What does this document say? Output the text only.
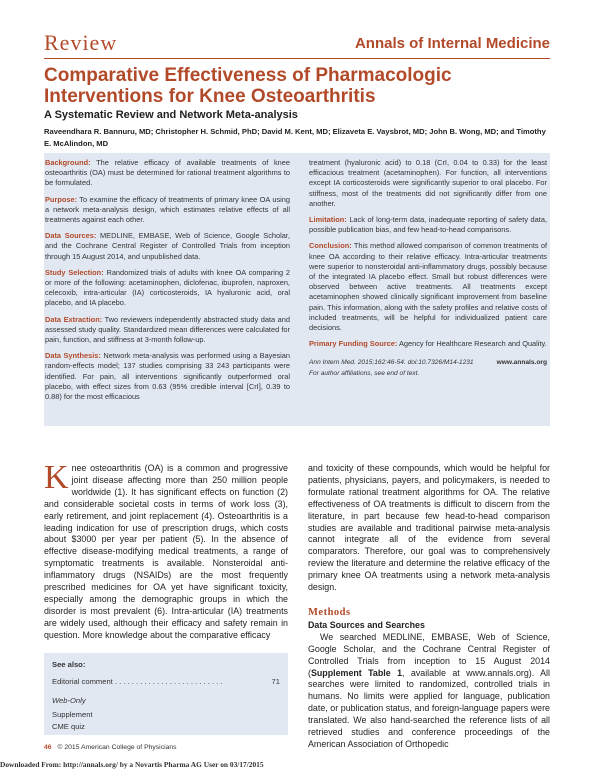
Review	Annals of Internal Medicine
Comparative Effectiveness of Pharmacologic Interventions for Knee Osteoarthritis
A Systematic Review and Network Meta-analysis

Raveendhara R. Bannuru, MD; Christopher H. Schmid, PhD; David M. Kent, MD; Elizaveta E. Vaysbrot, MD; John B. Wong, MD; and Timothy E. McAlindon, MD

Background: The relative efficacy of available treatments of knee osteoarthritis (OA) must be determined for rational treatment algorithms to be formulated.

Purpose: To examine the efficacy of treatments of primary knee OA using a network meta-analysis design, which estimates relative effects of all treatments against each other.

Data Sources: MEDLINE, EMBASE, Web of Science, Google Scholar, and the Cochrane Central Register of Controlled Trials from inception through 15 August 2014, and unpublished data.

Study Selection: Randomized trials of adults with knee OA comparing 2 or more of the following: acetaminophen, diclofenac, ibuprofen, naproxen, celecoxib, intra-articular (IA) corticosteroids, IA hyaluronic acid, oral placebo, and IA placebo.

Data Extraction: Two reviewers independently abstracted study data and assessed study quality. Standardized mean differences were calculated for pain, function, and stiffness at 3-month follow-up.

Data Synthesis: Network meta-analysis was performed using a Bayesian random-effects model; 137 studies comprising 33 243 participants were identified. For pain, all interventions significantly outperformed oral placebo, with effect sizes from 0.63 (95% credible interval [CrI], 0.39 to 0.88) for the most efficacious

treatment (hyaluronic acid) to 0.18 (CrI, 0.04 to 0.33) for the least efficacious treatment (acetaminophen). For function, all interventions except IA corticosteroids were significantly superior to oral placebo. For stiffness, most of the treatments did not significantly differ from one another.

Limitation: Lack of long-term data, inadequate reporting of safety data, possible publication bias, and few head-to-head comparisons.

Conclusion: This method allowed comparison of common treatments of knee OA according to their relative efficacy. Intra-articular treatments were superior to nonsteroidal anti-inflammatory drugs, possibly because of the integrated IA placebo effect. Small but robust differences were observed between active treatments. All treatments except acetaminophen showed clinically significant improvement from baseline pain. This information, along with the safety profiles and relative costs of included treatments, will be helpful for individualized patient care decisions.

Primary Funding Source: Agency for Healthcare Research and Quality.

Ann Intern Med. 2015;162:46-54. doi:10.7326/M14-1231	www.annals.org

For author affiliations, see end of text.

Knee osteoarthritis (OA) is a common and progressive joint disease affecting more than 250 million people worldwide (1). It has significant effects on function (2) and considerable societal costs in terms of work loss (3), early retirement, and joint replacement (4). Osteoarthritis is a leading indication for use of prescription drugs, which costs about $3000 per year per patient (5). In the absence of effective disease-modifying medical treatments, a range of symptomatic treatments is available. Nonsteroidal anti-inflammatory drugs (NSAIDs) are the most frequently prescribed medicines for OA yet have significant toxicity, especially among the demographic groups in which the disorder is most prevalent (6). Intra-articular (IA) treatments are widely used, although their efficacy and safety remain in question. More knowledge about the comparative efficacy

See also:
Editorial comment . . . . . . . . . . . . . . . . . . . . . . . . . .	71
Web-Only
Supplement
CME quiz

and toxicity of these compounds, which would be helpful for patients, physicians, payers, and policymakers, is needed to formulate rational treatment algorithms for OA. The relative effectiveness of OA treatments is difficult to discern from the literature, in part because few head-to-head comparison studies are available and traditional pairwise meta-analysis cannot integrate all of the evidence from several comparators. Therefore, our goal was to comprehensively review the literature and determine the relative efficacy of the primary knee OA treatments using a network meta-analysis design.

Methods
Data Sources and Searches

We searched MEDLINE, EMBASE, Web of Science, Google Scholar, and the Cochrane Central Register of Controlled Trials from inception to 15 August 2014 (Supplement Table 1, available at www.annals.org). All searches were limited to randomized, controlled trials in humans. No limits were applied for language, publication date, or publication status, and foreign-language papers were translated. We also hand-searched the reference lists of all retrieved studies and conference proceedings of the American Association of Orthopedic

46 © 2015 American College of Physicians
Downloaded From: http://annals.org/ by a Novartis Pharma AG User on 03/17/2015
